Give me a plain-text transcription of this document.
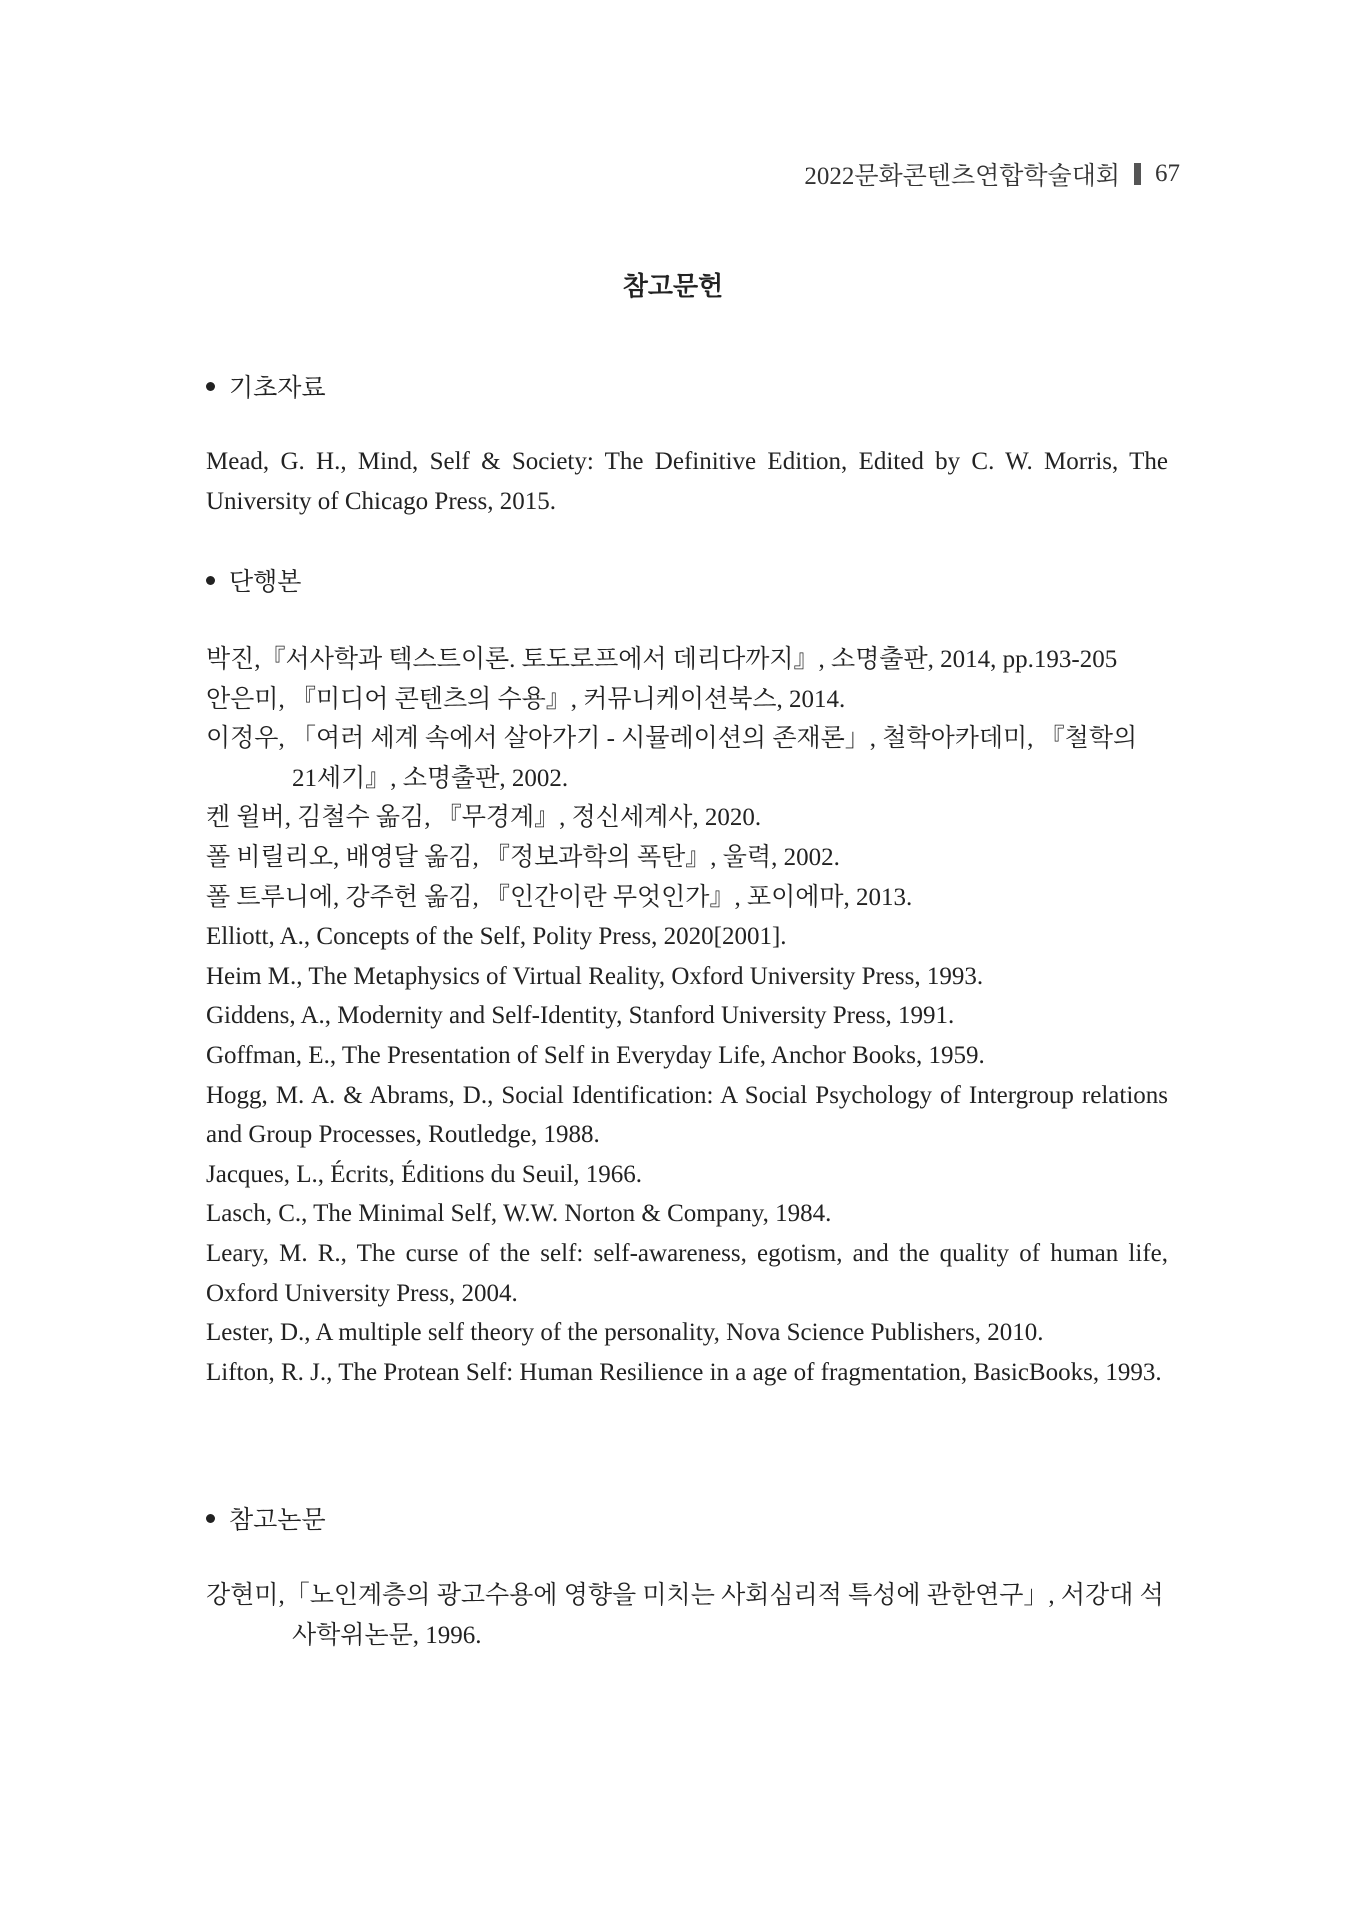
2022문화콘텐츠연합학술대회 67
참고문헌
기초자료

Mead, G. H., Mind, Self & Society: The Definitive Edition, Edited by C. W. Morris, The University of Chicago Press, 2015.

단행본

박진,『서사학과 텍스트이론. 토도로프에서 데리다까지』, 소명출판, 2014, pp.193-205

안은미, 『미디어 콘텐츠의 수용』, 커뮤니케이션북스, 2014.

이정우, 「여러 세계 속에서 살아가기 - 시뮬레이션의 존재론」, 철학아카데미, 『철학의 21세기』, 소명출판, 2002.

켄 윌버, 김철수 옮김, 『무경계』, 정신세계사, 2020.

폴 비릴리오, 배영달 옮김, 『정보과학의 폭탄』, 울력, 2002.

폴 트루니에, 강주헌 옮김, 『인간이란 무엇인가』, 포이에마, 2013.

Elliott, A., Concepts of the Self, Polity Press, 2020[2001].

Heim M., The Metaphysics of Virtual Reality, Oxford University Press, 1993.

Giddens, A., Modernity and Self-Identity, Stanford University Press, 1991.

Goffman, E., The Presentation of Self in Everyday Life, Anchor Books, 1959.

Hogg, M. A. & Abrams, D., Social Identification: A Social Psychology of Intergroup relations and Group Processes, Routledge, 1988.

Jacques, L., Écrits, Éditions du Seuil, 1966.

Lasch, C., The Minimal Self, W.W. Norton & Company, 1984.

Leary, M. R., The curse of the self: self-awareness, egotism, and the quality of human life, Oxford University Press, 2004.

Lester, D., A multiple self theory of the personality, Nova Science Publishers, 2010.

Lifton, R. J., The Protean Self: Human Resilience in a age of fragmentation, BasicBooks, 1993.

참고논문

강현미,「노인계층의 광고수용에 영향을 미치는 사회심리적 특성에 관한연구」, 서강대 석사학위논문, 1996.
